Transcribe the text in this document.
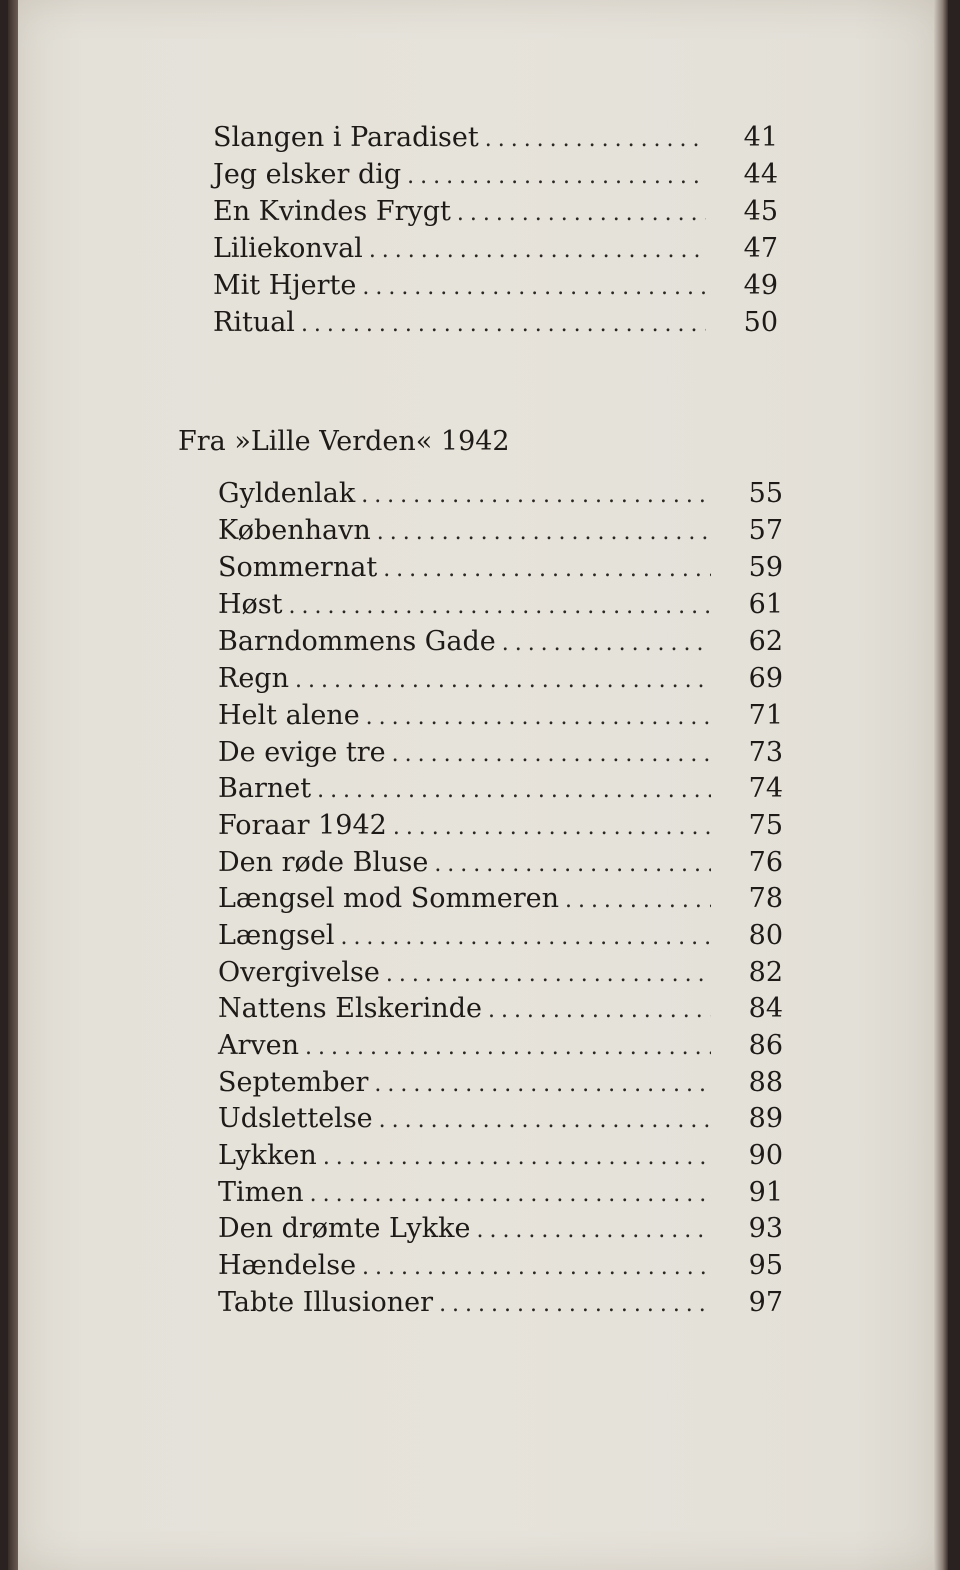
Slangen i Paradiset . . .	41
Jeg elsker dig . . .	44
En Kvindes Frygt . . .	45
Liliekonval . . .	47
Mit Hjerte . . .	49
Ritual . . .	50
Fra »Lille Verden« 1942
Gyldenlak . . .	55
København . . .	57
Sommernat . . .	59
Høst . . .	61
Barndommens Gade . . .	62
Regn . . .	69
Helt alene . . .	71
De evige tre . . .	73
Barnet . . .	74
Foraar 1942 . . .	75
Den røde Bluse . . .	76
Længsel mod Sommeren . . .	78
Længsel . . .	80
Overgivelse . . .	82
Nattens Elskerinde . . .	84
Arven . . .	86
September . . .	88
Udslettelse . . .	89
Lykken . . .	90
Timen . . .	91
Den drømte Lykke . . .	93
Hændelse . . .	95
Tabte Illusioner . . .	97
